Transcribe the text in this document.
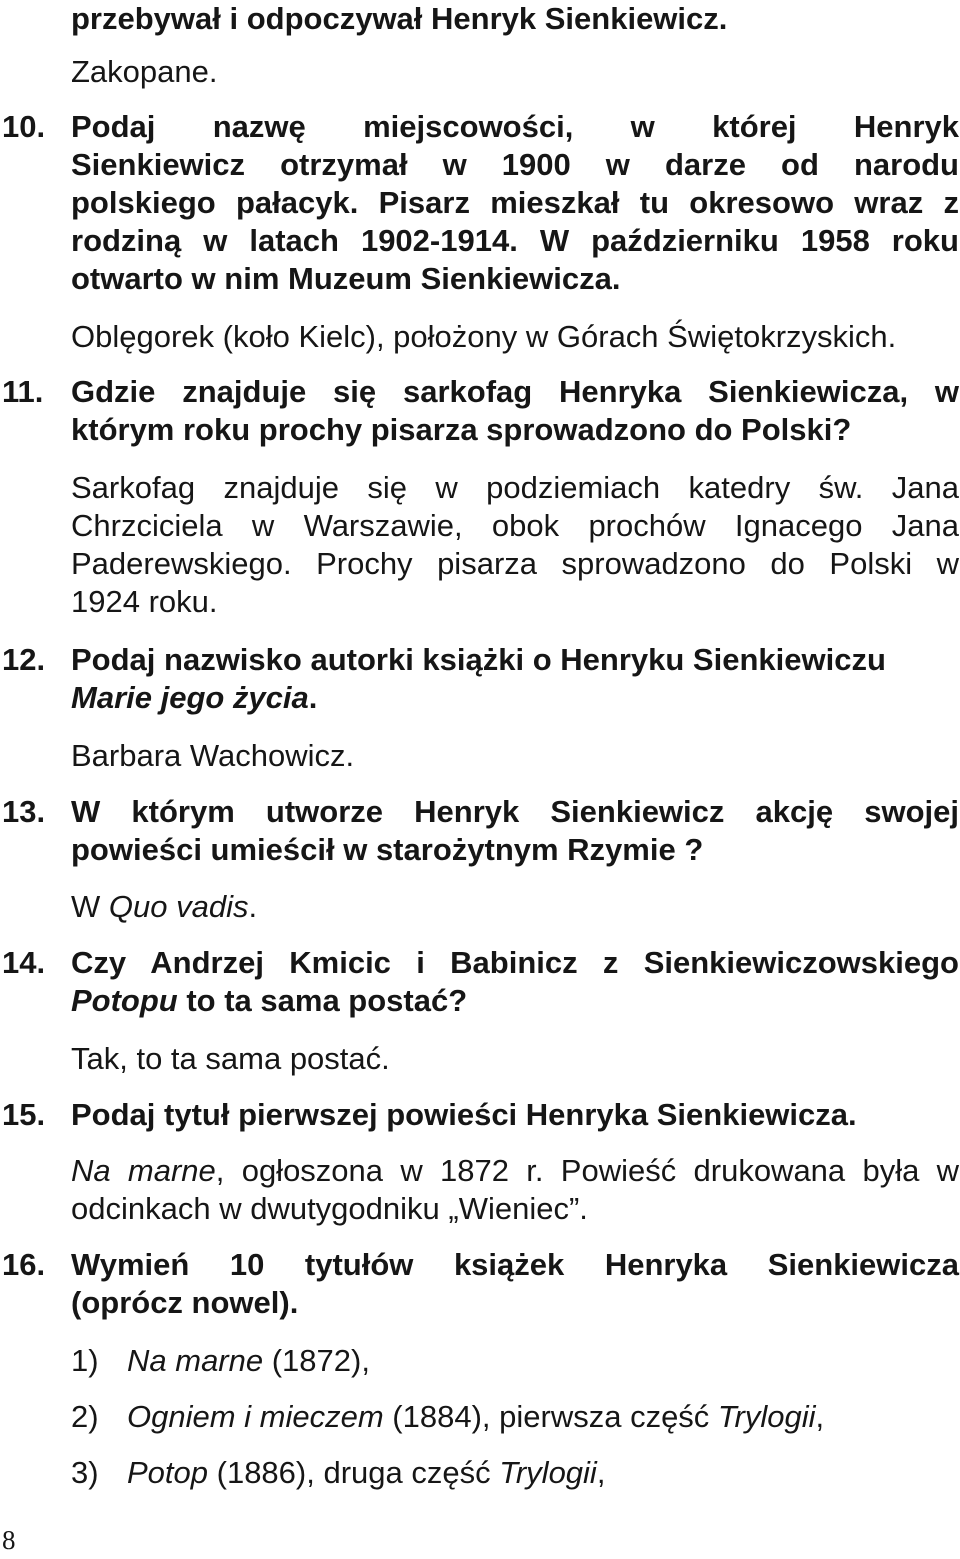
przebywał i odpoczywał Henryk Sienkiewicz.

Zakopane.

10. Podaj nazwę miejscowości, w której Henryk

Sienkiewicz otrzymał w 1900 w darze od narodu

polskiego pałacyk. Pisarz mieszkał tu okresowo wraz z

rodziną w latach 1902-1914. W październiku 1958 roku

otwarto w nim Muzeum Sienkiewicza.

Oblęgorek (koło Kielc), położony w Górach Świętokrzyskich.

11. Gdzie znajduje się sarkofag Henryka Sienkiewicza, w

którym roku prochy pisarza sprowadzono do Polski?

Sarkofag znajduje się w podziemiach katedry św. Jana

Chrzciciela w Warszawie, obok prochów Ignacego Jana

Paderewskiego. Prochy pisarza sprowadzono do Polski w

1924 roku.

12. Podaj nazwisko autorki książki o Henryku Sienkiewiczu

Marie jego życia.

Barbara Wachowicz.

13. W którym utworze Henryk Sienkiewicz akcję swojej

powieści umieścił w starożytnym Rzymie ?

W Quo vadis.

14. Czy Andrzej Kmicic i Babinicz z Sienkiewiczowskiego

Potopu to ta sama postać?

Tak, to ta sama postać.

15. Podaj tytuł pierwszej powieści Henryka Sienkiewicza.

Na marne, ogłoszona w 1872 r. Powieść drukowana była w

odcinkach w dwutygodniku „Wieniec”.

16. Wymień 10 tytułów książek Henryka Sienkiewicza

(oprócz nowel).

1) Na marne (1872),

2) Ogniem i mieczem (1884), pierwsza część Trylogii,

3) Potop (1886), druga część Trylogii,

8
